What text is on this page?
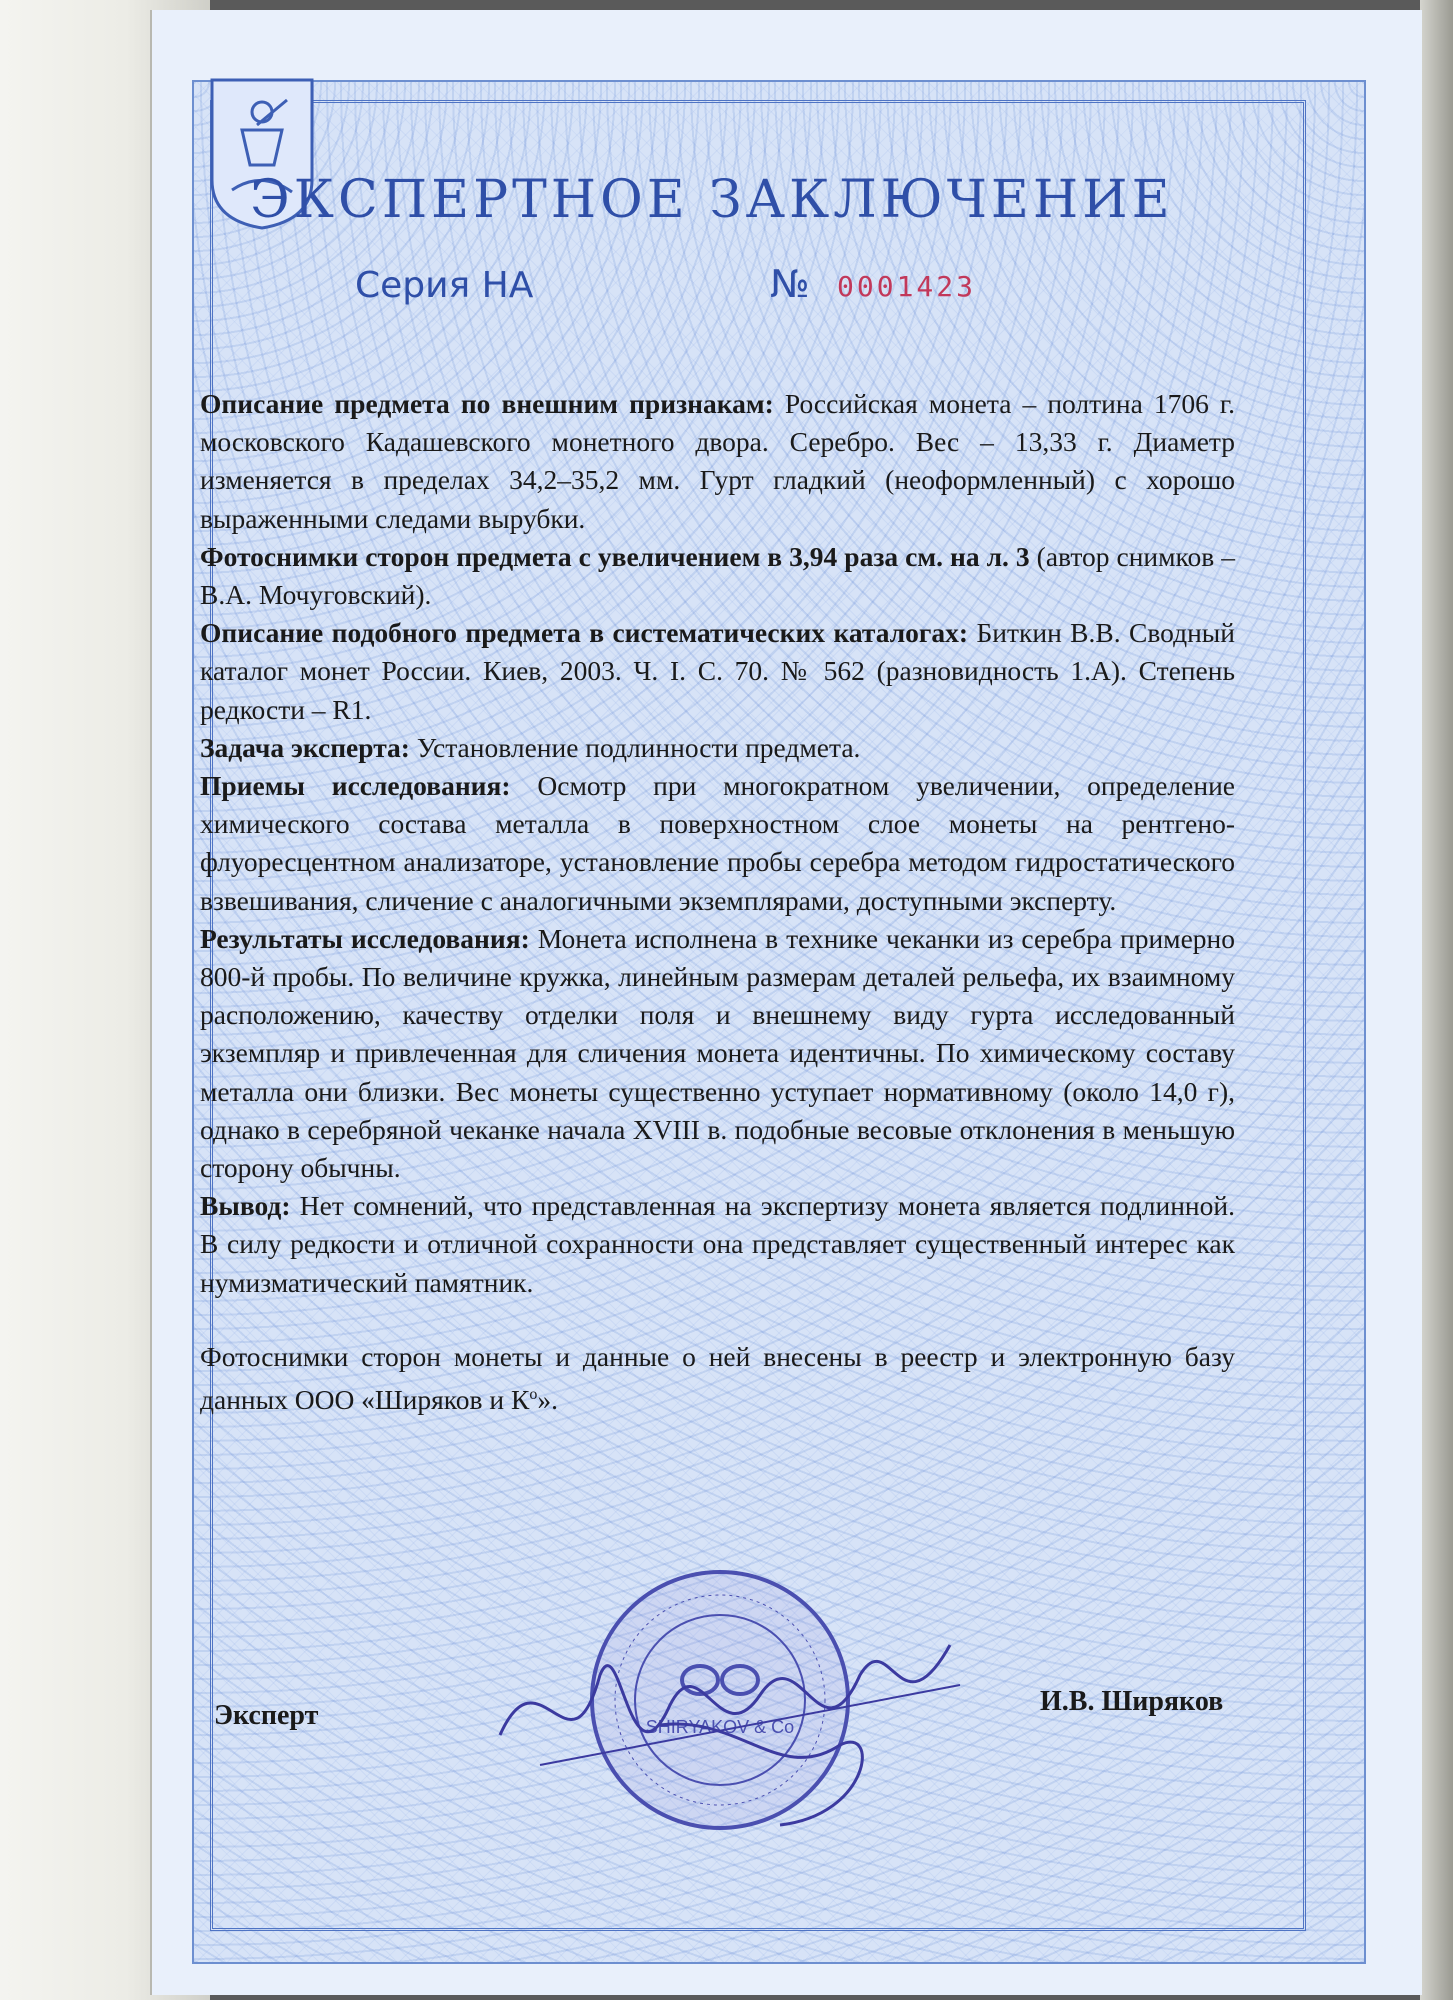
ЭКСПЕРТНОЕ ЗАКЛЮЧЕНИЕ
Серия НА	№ 0001423

Описание предмета по внешним признакам: Российская монета – полтина 1706 г. московского Кадашевского монетного двора. Серебро. Вес – 13,33 г. Диаметр изменяется в пределах 34,2–35,2 мм. Гурт гладкий (неоформленный) с хорошо выраженными следами вырубки.

Фотоснимки сторон предмета с увеличением в 3,94 раза см. на л. 3 (автор снимков – В.А. Мочуговский).

Описание подобного предмета в систематических каталогах: Биткин В.В. Сводный каталог монет России. Киев, 2003. Ч. I. С. 70. № 562 (разновидность 1.А). Степень редкости – R1.

Задача эксперта: Установление подлинности предмета.

Приемы исследования: Осмотр при многократном увеличении, определение химического состава металла в поверхностном слое монеты на рентгено-флуоресцентном анализаторе, установление пробы серебра методом гидростатического взвешивания, сличение с аналогичными экземплярами, доступными эксперту.

Результаты исследования: Монета исполнена в технике чеканки из серебра примерно 800-й пробы. По величине кружка, линейным размерам деталей рельефа, их взаимному расположению, качеству отделки поля и внешнему виду гурта исследованный экземпляр и привлеченная для сличения монета идентичны. По химическому составу металла они близки. Вес монеты существенно уступает нормативному (около 14,0 г), однако в серебряной чеканке начала XVIII в. подобные весовые отклонения в меньшую сторону обычны.

Вывод: Нет сомнений, что представленная на экспертизу монета является подлинной. В силу редкости и отличной сохранности она представляет существенный интерес как нумизматический памятник.

Фотоснимки сторон монеты и данные о ней внесены в реестр и электронную базу данных ООО «Ширяков и $К^о$».

SHIRYAKOV & Co
Эксперт	И.В. Ширяков
